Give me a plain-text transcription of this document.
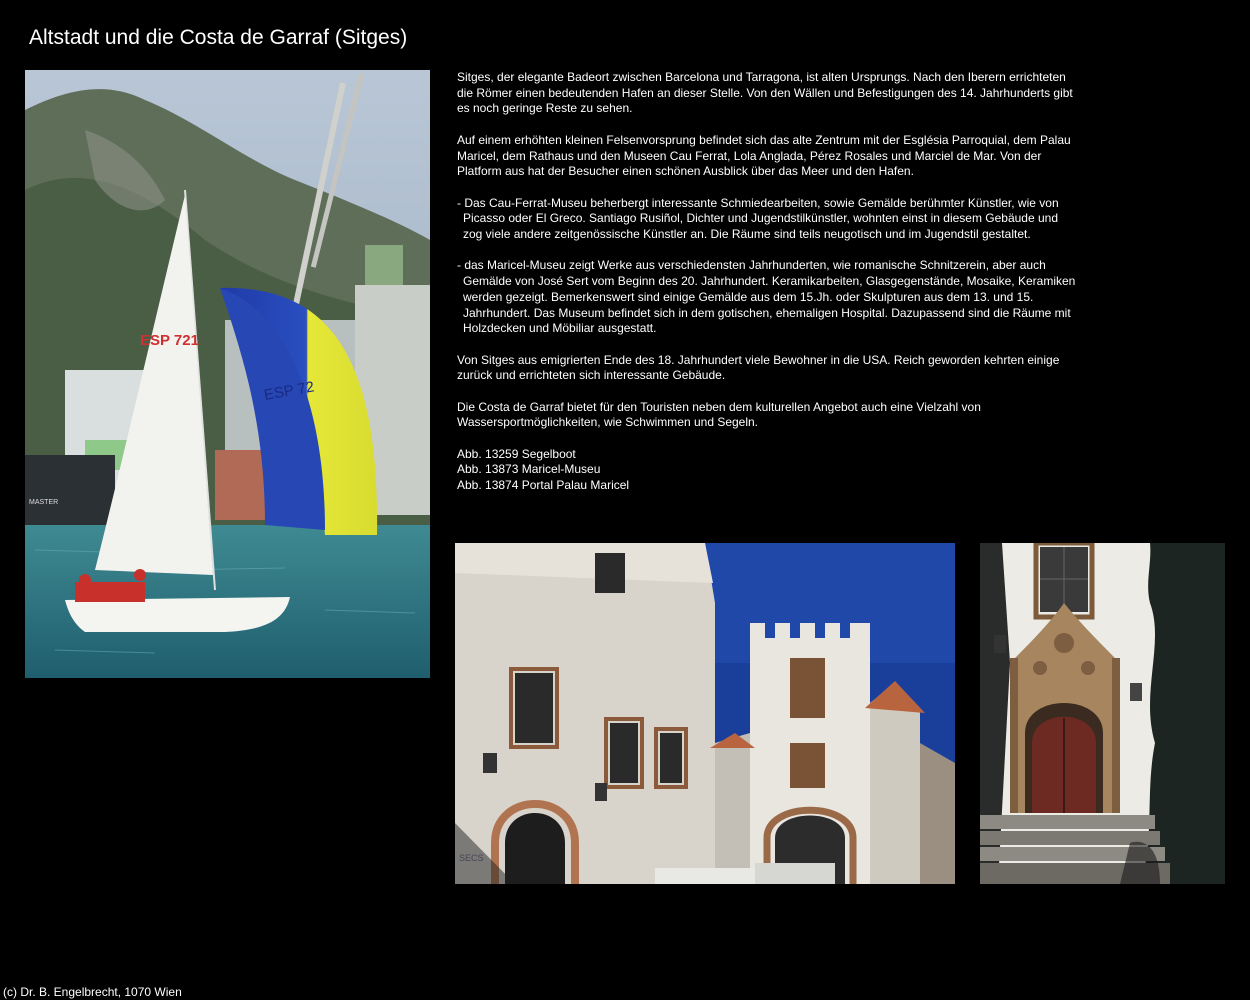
Altstadt und die Costa de Garraf (Sitges)
MASTER
ESP 721
ESP 72

Sitges, der elegante Badeort zwischen Barcelona und Tarragona, ist alten Ursprungs. Nach den Iberern errichteten die Römer einen bedeutenden Hafen an dieser Stelle. Von den Wällen und Befestigungen des 14. Jahrhunderts gibt es noch geringe Reste zu sehen.

Auf einem erhöhten kleinen Felsenvorsprung befindet sich das alte Zentrum mit der Església Parroquial, dem Palau Maricel, dem Rathaus und den Museen Cau Ferrat, Lola Anglada, Pérez Rosales und Marciel de Mar. Von der Platform aus hat der Besucher einen schönen Ausblick über das Meer und den Hafen.

- Das Cau-Ferrat-Museu beherbergt interessante Schmiedearbeiten, sowie Gemälde berühmter Künstler, wie von Picasso oder El Greco. Santiago Rusiñol, Dichter und Jugendstilkünstler, wohnten einst in diesem Gebäude und zog viele andere zeitgenössische Künstler an. Die Räume sind teils neugotisch und im Jugendstil gestaltet.

- das Maricel-Museu zeigt Werke aus verschiedensten Jahrhunderten, wie romanische Schnitzerein, aber auch Gemälde von José Sert vom Beginn des 20. Jahrhundert. Keramikarbeiten, Glasgegenstände, Mosaike, Keramiken werden gezeigt. Bemerkenswert sind einige Gemälde aus dem 15.Jh. oder Skulpturen aus dem 13. und 15. Jahrhundert. Das Museum befindet sich in dem gotischen, ehemaligen Hospital. Dazupassend sind die Räume mit Holzdecken und Möbiliar ausgestatt.

Von Sitges aus emigrierten Ende des 18. Jahrhundert viele Bewohner in die USA. Reich geworden kehrten einige zurück und errichteten sich interessante Gebäude.

Die Costa de Garraf bietet für den Touristen neben dem kulturellen Angebot auch eine Vielzahl von Wassersportmöglichkeiten, wie Schwimmen und Segeln.

Abb. 13259 Segelboot
Abb. 13873 Maricel-Museu
Abb. 13874 Portal Palau Maricel
SECS
(c) Dr. B. Engelbrecht, 1070 Wien
